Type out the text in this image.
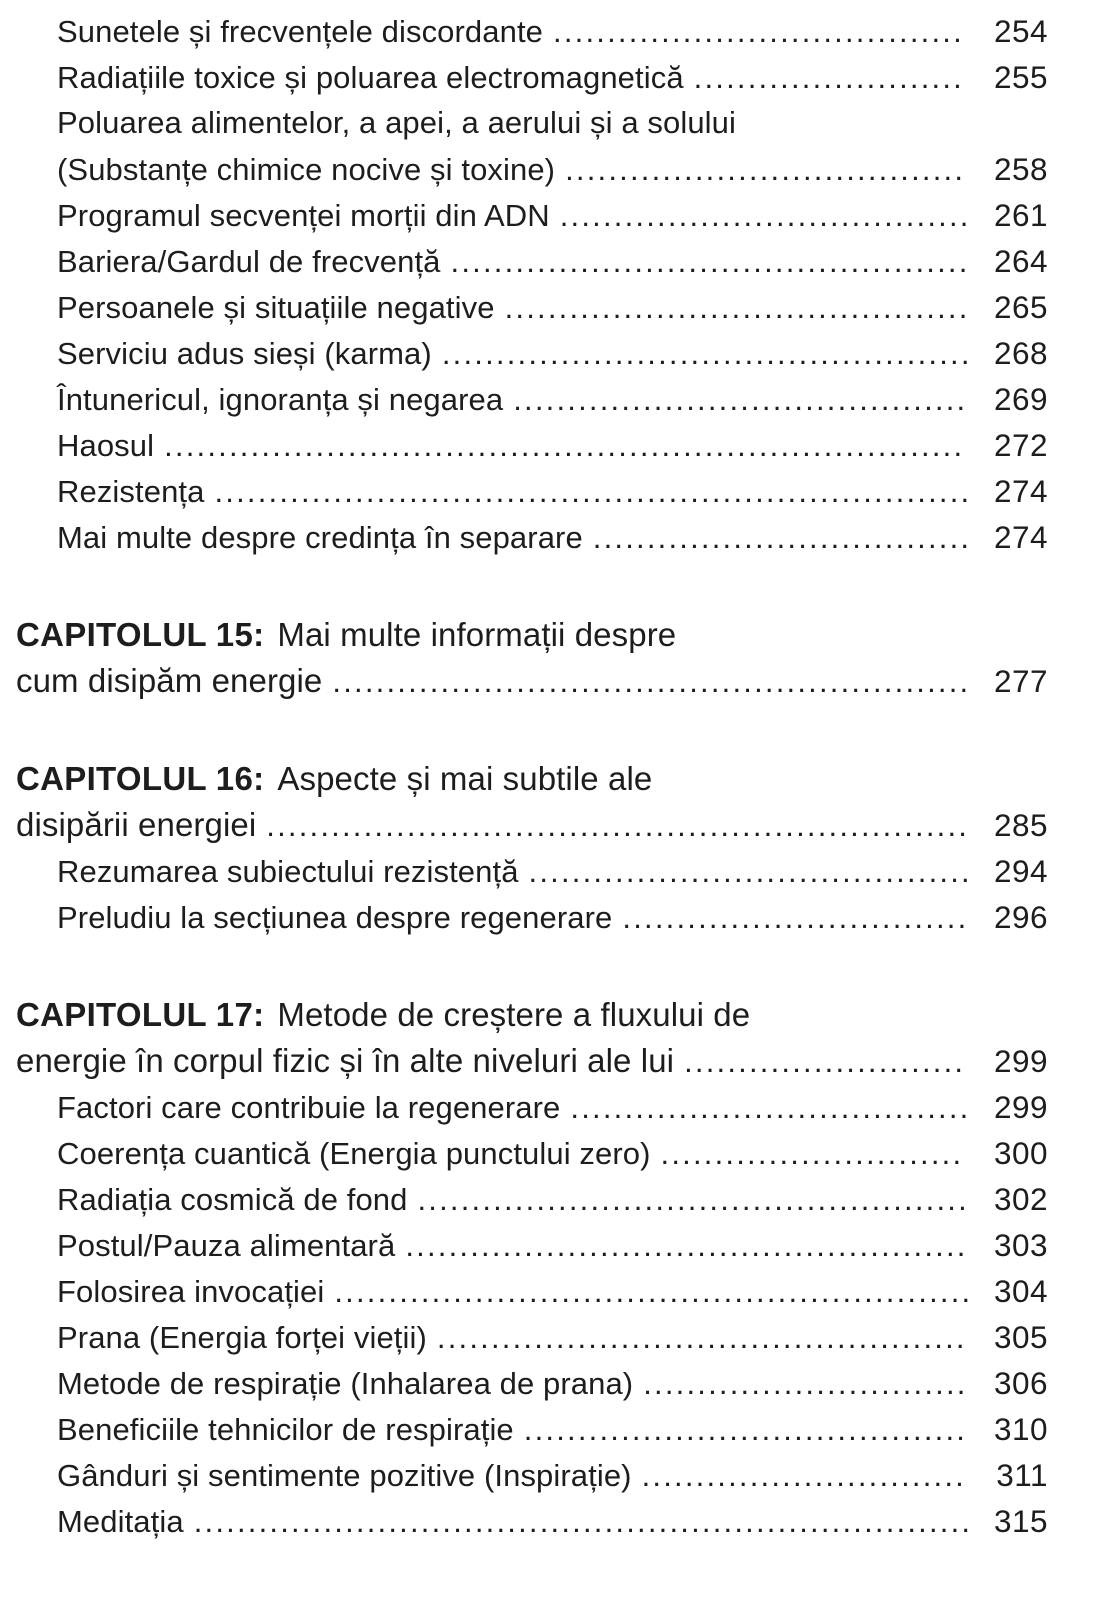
Sunetele și frecvențele discordante ...................................... 254
Radiațiile toxice și poluarea electromagnetică ......................... 255
Poluarea alimentelor, a apei, a aerului și a solului
(Substanțe chimice nocive și toxine) ..................................... 258
Programul secvenței morții din ADN ...................................... 261
Bariera/Gardul de frecvență ................................................ 264
Persoanele și situațiile negative ........................................... 265
Serviciu adus sieși (karma) ................................................. 268
Întunericul, ignoranța și negarea .......................................... 269
Haosul .......................................................................... 272
Rezistența ...................................................................... 274
Mai multe despre credința în separare ................................... 274
CAPITOLUL 15: Mai multe informații despre
cum disipăm energie ........................................................... 277
CAPITOLUL 16: Aspecte și mai subtile ale
disipării energiei ................................................................. 285
Rezumarea subiectului rezistență ......................................... 294
Preludiu la secțiunea despre regenerare ................................ 296
CAPITOLUL 17: Metode de creștere a fluxului de
energie în corpul fizic și în alte niveluri ale lui .......................... 299
Factori care contribuie la regenerare ..................................... 299
Coerența cuantică (Energia punctului zero) ............................ 300
Radiația cosmică de fond ................................................... 302
Postul/Pauza alimentară .................................................... 303
Folosirea invocației ........................................................... 304
Prana (Energia forței vieții) ................................................. 305
Metode de respirație (Inhalarea de prana) .............................. 306
Beneficiile tehnicilor de respirație ......................................... 310
Gânduri și sentimente pozitive (Inspirație) .............................. 311
Meditația ........................................................................ 315
